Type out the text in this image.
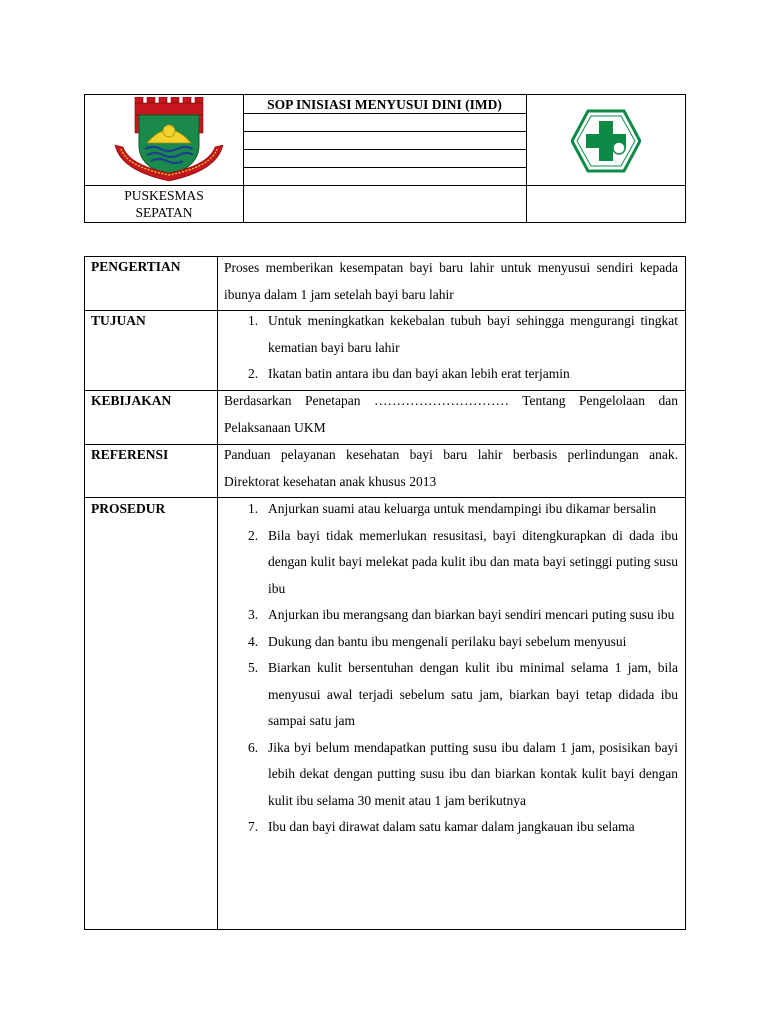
SOP INISIASI MENYUSUI DINI (IMD)
PUSKESMAS
SEPATAN
PENGERTIAN	Proses memberikan kesempatan bayi baru lahir untuk menyusui sendiri kepada ibunya dalam 1 jam setelah bayi baru lahir
TUJUAN	1. Untuk meningkatkan kekebalan tubuh bayi sehingga mengurangi tingkat kematian bayi baru lahir
2. Ikatan batin antara ibu dan bayi akan lebih erat terjamin
KEBIJAKAN	Berdasarkan Penetapan ………………………… Tentang Pengelolaan dan Pelaksanaan UKM
REFERENSI	Panduan pelayanan kesehatan bayi baru lahir berbasis perlindungan anak. Direktorat kesehatan anak khusus 2013
PROSEDUR	1. Anjurkan suami atau keluarga untuk mendampingi ibu dikamar bersalin
2. Bila bayi tidak memerlukan resusitasi, bayi ditengkurapkan di dada ibu dengan kulit bayi melekat pada kulit ibu dan mata bayi setinggi puting susu ibu
3. Anjurkan ibu merangsang dan biarkan bayi sendiri mencari puting susu ibu
4. Dukung dan bantu ibu mengenali perilaku bayi sebelum menyusui
5. Biarkan kulit bersentuhan dengan kulit ibu minimal selama 1 jam, bila menyusui awal terjadi sebelum satu jam, biarkan bayi tetap didada ibu sampai satu jam
6. Jika byi belum mendapatkan putting susu ibu dalam 1 jam, posisikan bayi lebih dekat dengan putting susu ibu dan biarkan kontak kulit bayi dengan kulit ibu selama 30 menit atau 1 jam berikutnya
7. Ibu dan bayi dirawat dalam satu kamar dalam jangkauan ibu selama
